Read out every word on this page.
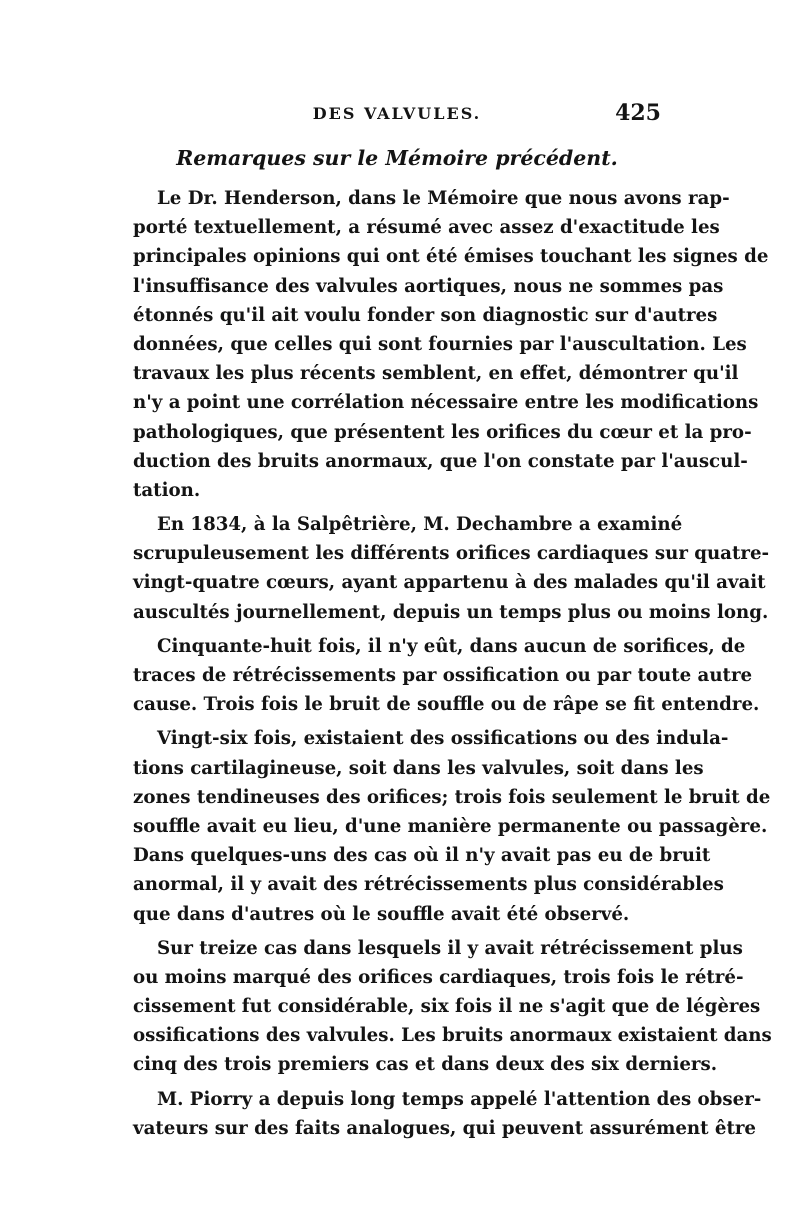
DES VALVULES.	425
Remarques sur le Mémoire précédent.
Le Dr. Henderson, dans le Mémoire que nous avons rap-
porté textuellement, a résumé avec assez d'exactitude les
principales opinions qui ont été émises touchant les signes de
l'insuffisance des valvules aortiques, nous ne sommes pas
étonnés qu'il ait voulu fonder son diagnostic sur d'autres
données, que celles qui sont fournies par l'auscultation. Les
travaux les plus récents semblent, en effet, démontrer qu'il
n'y a point une corrélation nécessaire entre les modifications
pathologiques, que présentent les orifices du cœur et la pro-
duction des bruits anormaux, que l'on constate par l'auscul-
tation.
En 1834, à la Salpêtrière, M. Dechambre a examiné
scrupuleusement les différents orifices cardiaques sur quatre-
vingt-quatre cœurs, ayant appartenu à des malades qu'il avait
auscultés journellement, depuis un temps plus ou moins long.
Cinquante-huit fois, il n'y eût, dans aucun de sorifices, de
traces de rétrécissements par ossification ou par toute autre
cause. Trois fois le bruit de souffle ou de râpe se fit entendre.
Vingt-six fois, existaient des ossifications ou des indula-
tions cartilagineuse, soit dans les valvules, soit dans les
zones tendineuses des orifices; trois fois seulement le bruit de
souffle avait eu lieu, d'une manière permanente ou passagère.
Dans quelques-uns des cas où il n'y avait pas eu de bruit
anormal, il y avait des rétrécissements plus considérables
que dans d'autres où le souffle avait été observé.
Sur treize cas dans lesquels il y avait rétrécissement plus
ou moins marqué des orifices cardiaques, trois fois le rétré-
cissement fut considérable, six fois il ne s'agit que de légères
ossifications des valvules. Les bruits anormaux existaient dans
cinq des trois premiers cas et dans deux des six derniers.
M. Piorry a depuis long temps appelé l'attention des obser-
vateurs sur des faits analogues, qui peuvent assurément être
